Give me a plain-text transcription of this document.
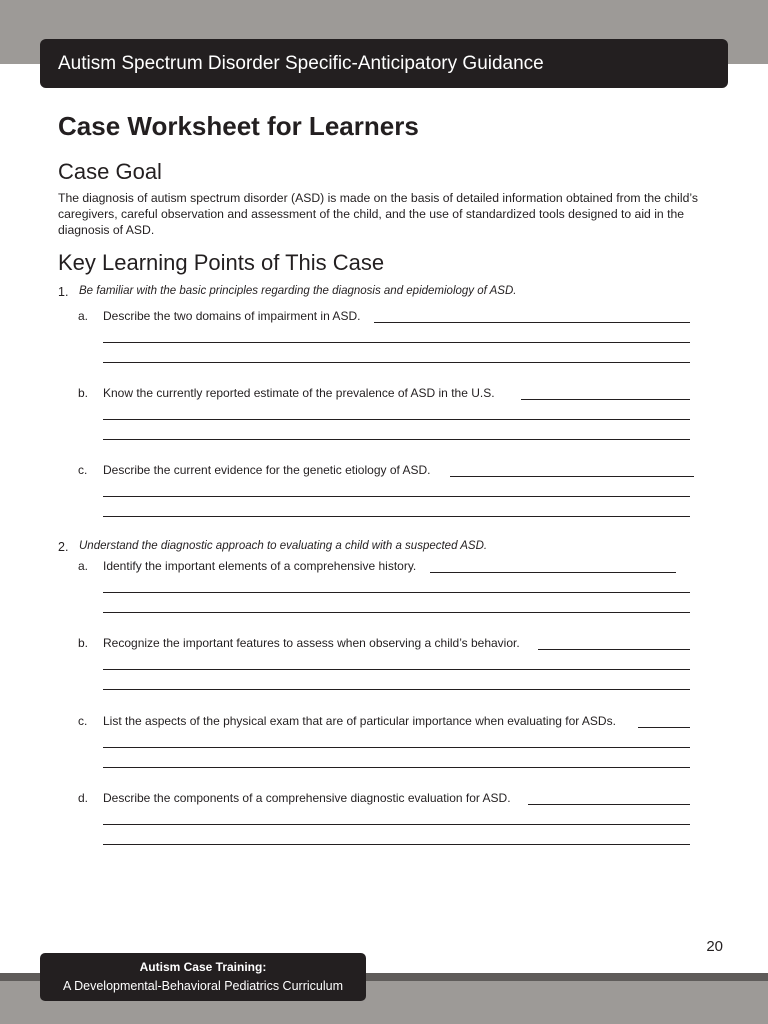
Autism Spectrum Disorder Specific-Anticipatory Guidance
Case Worksheet for Learners
Case Goal

The diagnosis of autism spectrum disorder (ASD) is made on the basis of detailed information obtained from the child’s caregivers, careful observation and assessment of the child, and the use of standardized tools designed to aid in the diagnosis of ASD.

Key Learning Points of This Case
1. Be familiar with the basic principles regarding the diagnosis and epidemiology of ASD.
a. Describe the two domains of impairment in ASD.
b. Know the currently reported estimate of the prevalence of ASD in the U.S.
c. Describe the current evidence for the genetic etiology of ASD.
2. Understand the diagnostic approach to evaluating a child with a suspected ASD.
a. Identify the important elements of a comprehensive history.
b. Recognize the important features to assess when observing a child’s behavior.
c. List the aspects of the physical exam that are of particular importance when evaluating for ASDs.
d. Describe the components of a comprehensive diagnostic evaluation for ASD.
20
Autism Case Training:
A Developmental-Behavioral Pediatrics Curriculum
